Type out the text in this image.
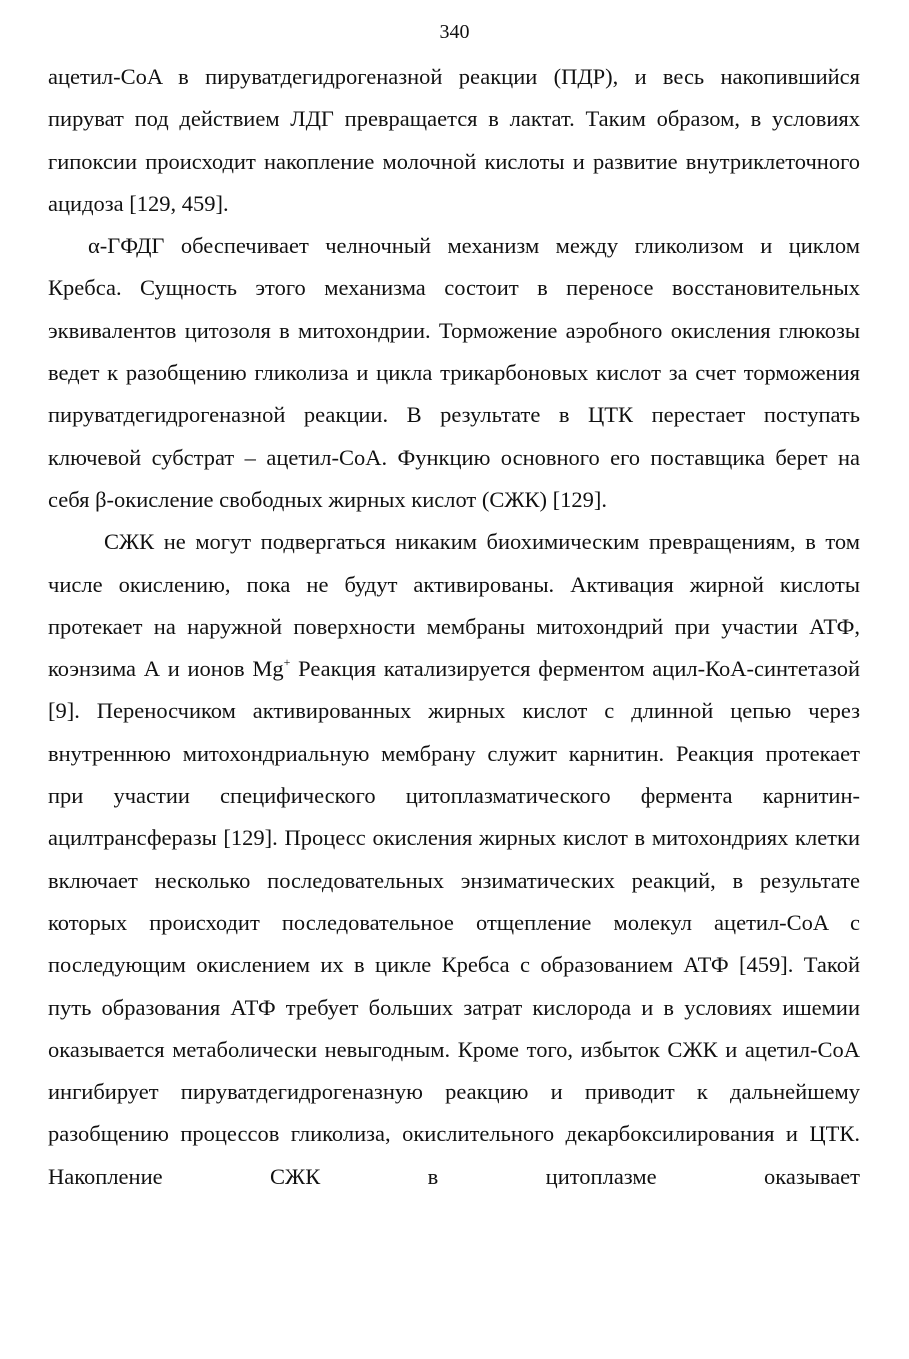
340

ацетил-CoA в пируватдегидрогеназной реакции (ПДР), и весь накопившийся пируват под действием ЛДГ превращается в лактат. Таким образом, в условиях гипоксии происходит накопление молочной кислоты и развитие внутриклеточного ацидоза [129, 459].

α-ГФДГ обеспечивает челночный механизм между гликолизом и циклом Кребса. Сущность этого механизма состоит в переносе восстановительных эквивалентов цитозоля в митохондрии. Торможение аэробного окисления глюкозы ведет к разобщению гликолиза и цикла трикарбоновых кислот за счет торможения пируватдегидрогеназной реакции. В результате в ЦТК перестает поступать ключевой субстрат – ацетил-CoA. Функцию основного его поставщика берет на себя β-окисление свободных жирных кислот (СЖК) [129].

СЖК не могут подвергаться никаким биохимическим превращениям, в том числе окислению, пока не будут активированы. Активация жирной кислоты протекает на наружной поверхности мембраны митохондрий при участии АТФ, коэнзима А и ионов Mg+ Реакция катализируется ферментом ацил-КоА-синтетазой [9]. Переносчиком активированных жирных кислот с длинной цепью через внутреннюю митохондриальную мембрану служит карнитин. Реакция протекает при участии специфического цитоплазматического фермента карнитин-ацилтрансферазы [129]. Процесс окисления жирных кислот в митохондриях клетки включает несколько последовательных энзиматических реакций, в результате которых происходит последовательное отщепление молекул ацетил-CoA с последующим окислением их в цикле Кребса с образованием АТФ [459]. Такой путь образования АТФ требует больших затрат кислорода и в условиях ишемии оказывается метаболически невыгодным. Кроме того, избыток СЖК и ацетил-CoA ингибирует пируватдегидрогеназную реакцию и приводит к дальнейшему разобщению процессов гликолиза, окислительного декарбоксилирования и ЦТК. Накопление СЖК в цитоплазме оказывает
